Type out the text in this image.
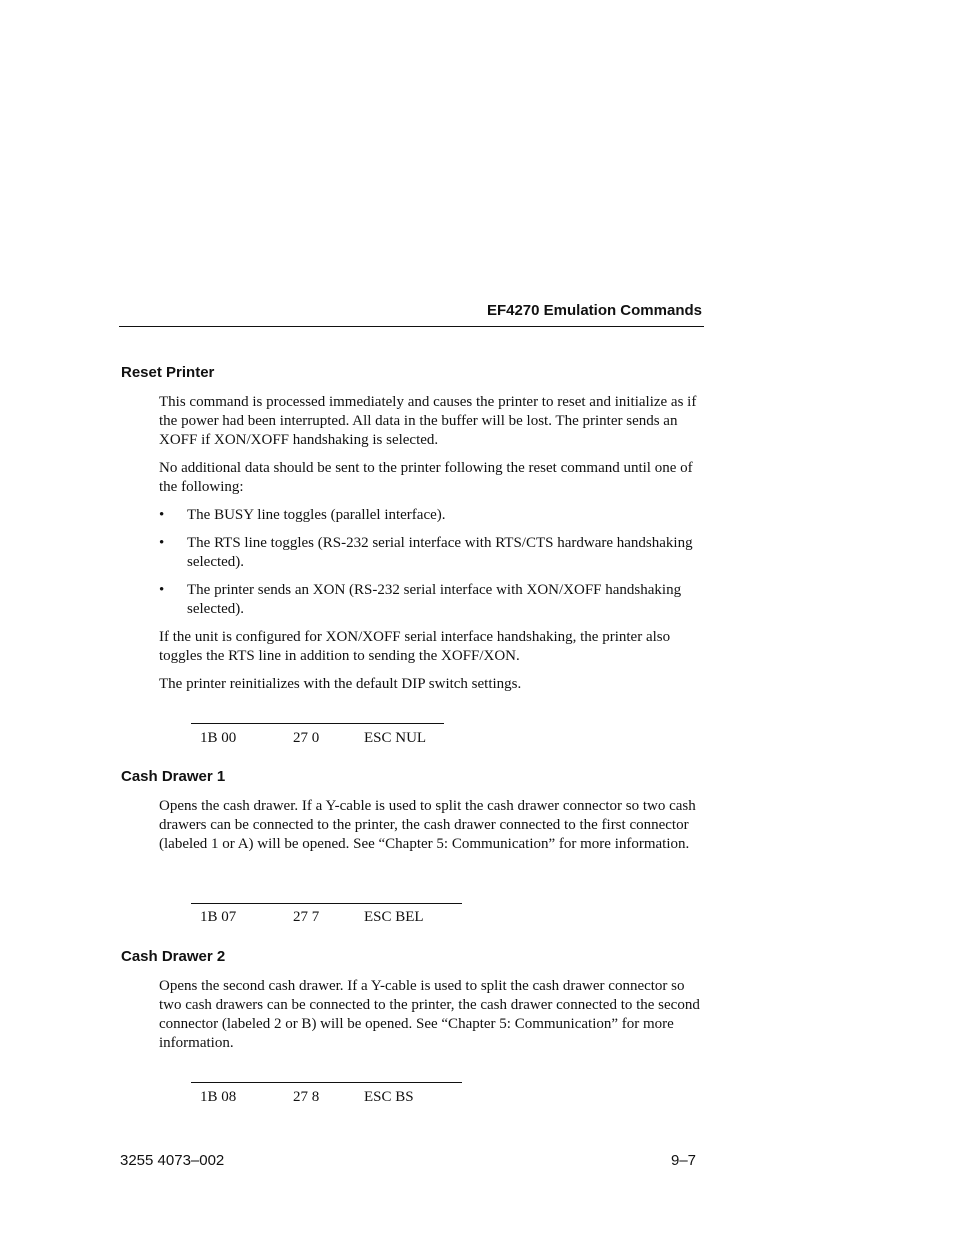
EF4270 Emulation Commands
Reset Printer

This command is processed immediately and causes the printer to reset and initialize as if the power had been interrupted. All data in the buffer will be lost. The printer sends an XOFF if XON/XOFF handshaking is selected.

No additional data should be sent to the printer following the reset command until one of the following:

• The BUSY line toggles (parallel interface).
• The RTS line toggles (RS-232 serial interface with RTS/CTS hardware handshaking selected).
• The printer sends an XON (RS-232 serial interface with XON/XOFF handshaking selected).

If the unit is configured for XON/XOFF serial interface handshaking, the printer also toggles the RTS line in addition to sending the XOFF/XON.

The printer reinitializes with the default DIP switch settings.

1B 00	27 0	ESC NUL
Cash Drawer 1

Opens the cash drawer. If a Y-cable is used to split the cash drawer connector so two cash drawers can be connected to the printer, the cash drawer connected to the first connector (labeled 1 or A) will be opened. See “Chapter 5: Communication” for more information.

1B 07	27 7	ESC BEL
Cash Drawer 2

Opens the second cash drawer. If a Y-cable is used to split the cash drawer connector so two cash drawers can be connected to the printer, the cash drawer connected to the second connector (labeled 2 or B) will be opened. See “Chapter 5: Communication” for more information.

1B 08	27 8	ESC BS
3255 4073–002	9–7
